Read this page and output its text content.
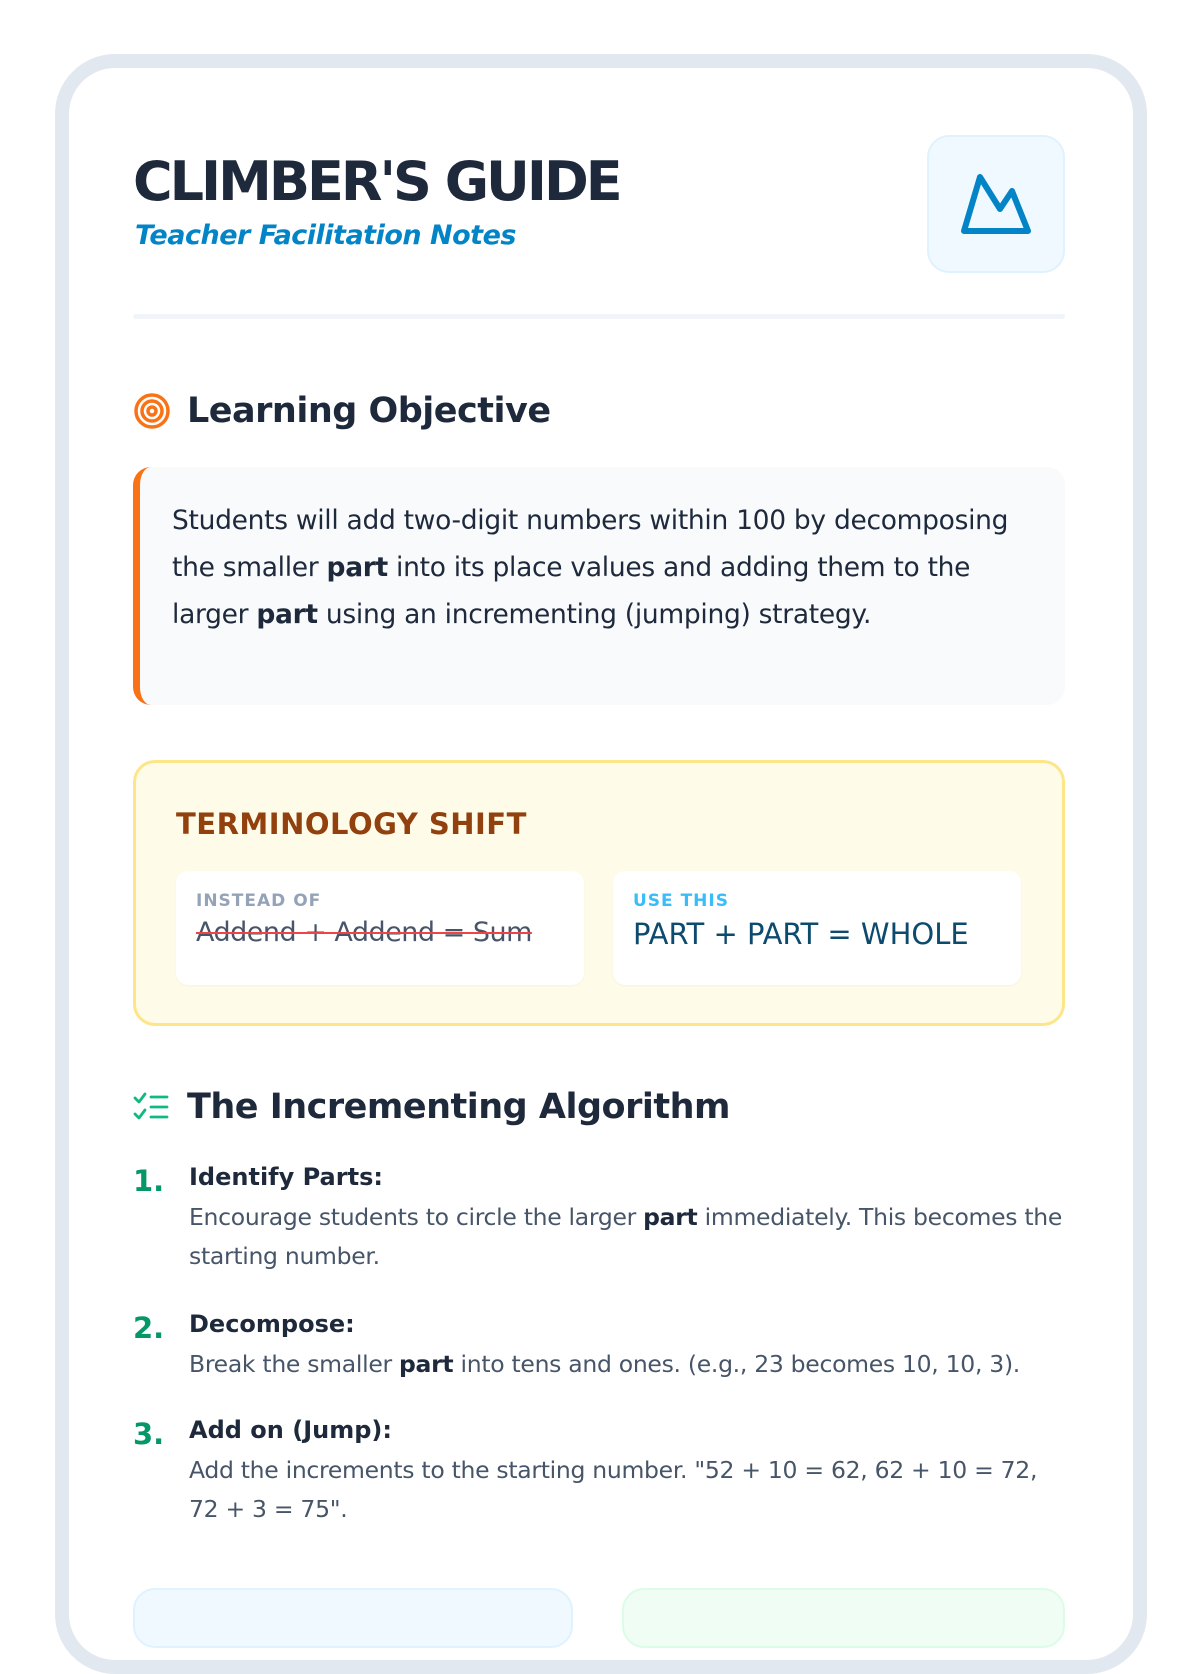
CLIMBER'S GUIDE
Teacher Facilitation Notes
Learning Objective
Students will add two-digit numbers within 100 by decomposing the smaller part into its place values and adding them to the larger part using an incrementing (jumping) strategy.
TERMINOLOGY SHIFT
INSTEAD OF
Addend + Addend = Sum
USE THIS
PART + PART = WHOLE
The Incrementing Algorithm
1. Identify Parts:
Encourage students to circle the larger part immediately. This becomes the starting number.
2. Decompose:
Break the smaller part into tens and ones. (e.g., 23 becomes 10, 10, 3).
3. Add on (Jump):
Add the increments to the starting number. "52 + 10 = 62, 62 + 10 = 72, 72 + 3 = 75".
